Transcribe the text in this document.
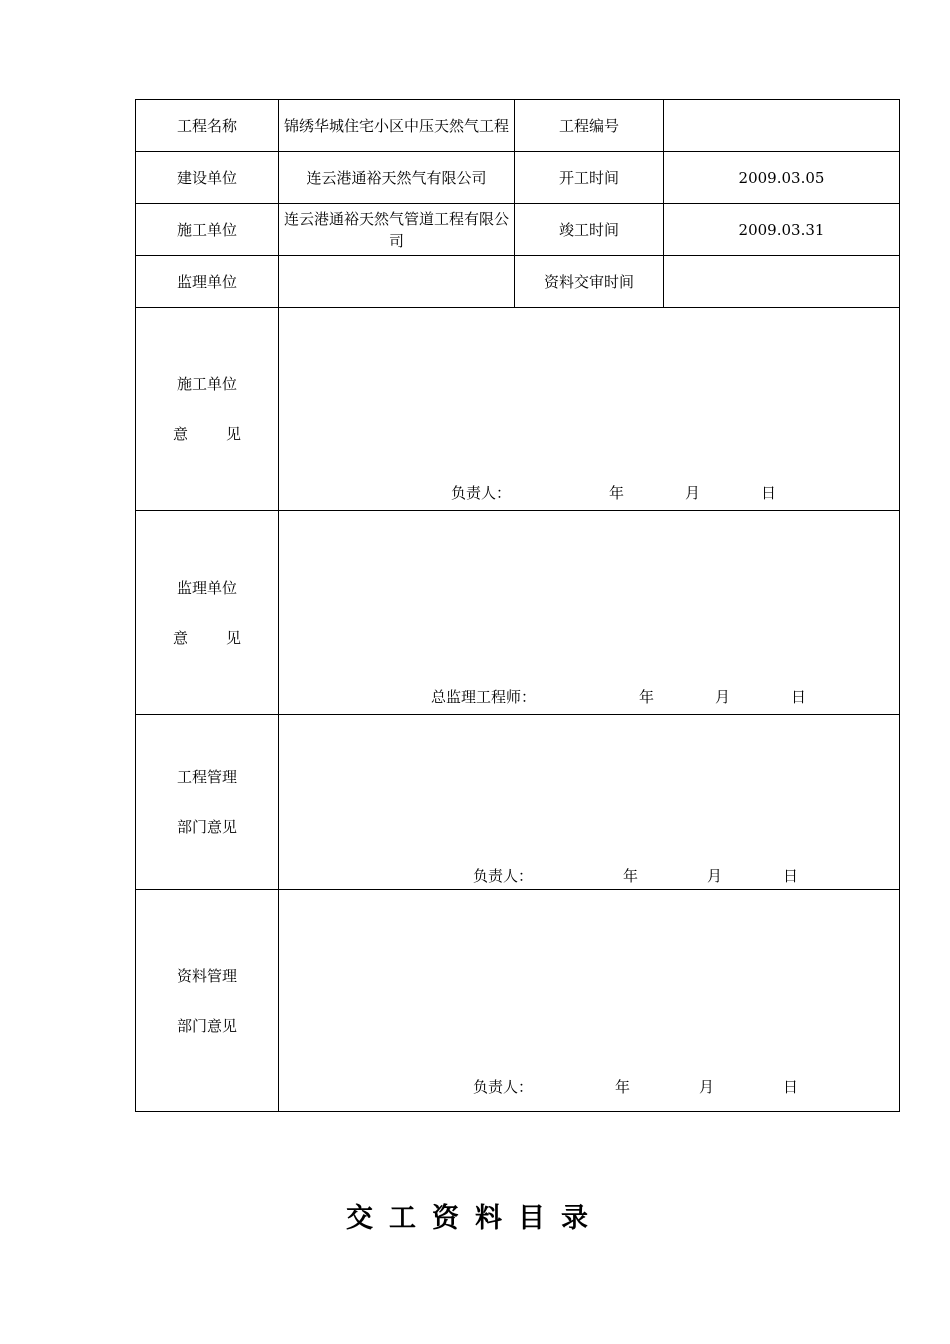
工程名称	锦绣华城住宅小区中压天然气工程	工程编号	
建设单位	连云港通裕天然气有限公司	开工时间	2009.03.05
施工单位	连云港通裕天然气管道工程有限公司	竣工时间	2009.03.31
监理单位		资料交审时间	

施工单位
意 见	负责人： 年 月 日		

监理单位
意 见	总监理工程师： 年 月 日		

工程管理
部门意见	负责人： 年 月 日		

资料管理
部门意见	负责人： 年 月 日		
交工资料目录
